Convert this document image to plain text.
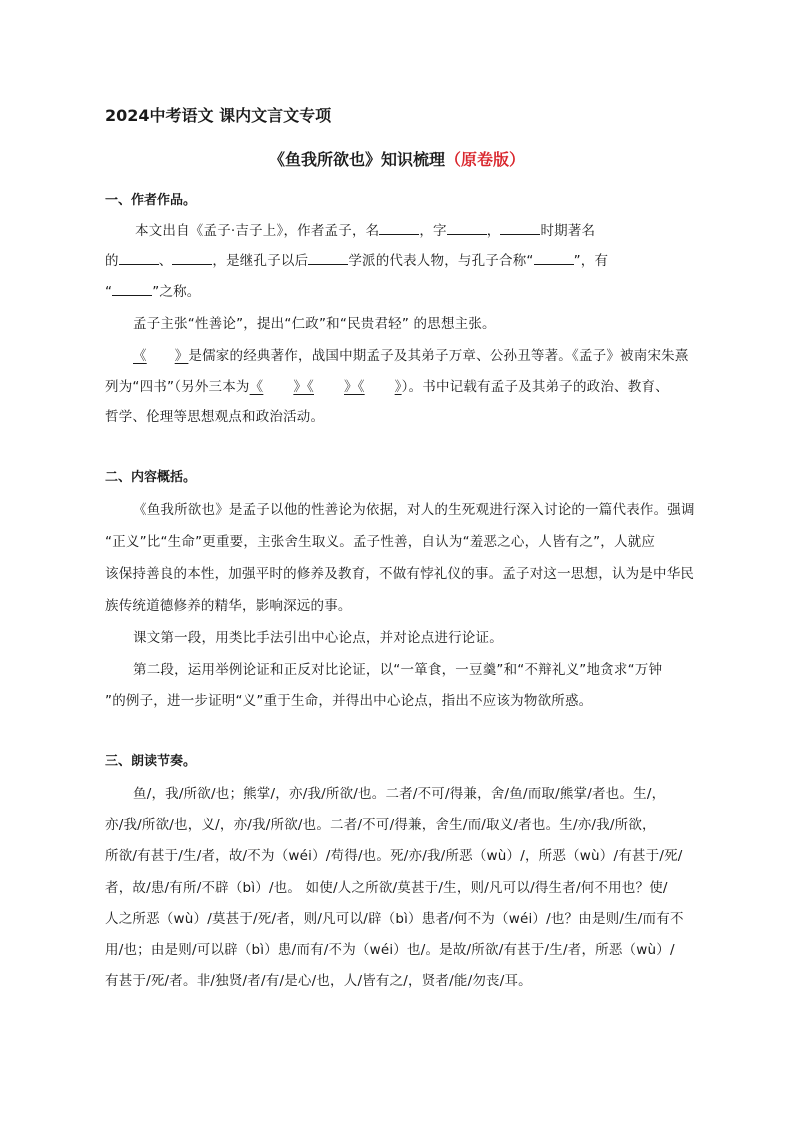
2024中考语文 课内文言文专项
《鱼我所欲也》知识梳理（原卷版）
一、作者作品。
本文出自《孟子·吉子上》，作者孟子，名	，字	，	时期著名
的	、	，是继孔子以后	学派的代表人物，与孔子合称“	”，有
“	”之称。
孟子主张“性善论”，提出“仁政”和“民贵君轻” 的思想主张。
《 》是儒家的经典著作，战国中期孟子及其弟子万章、公孙丑等著。《孟子》被南宋朱熹
列为“四书”（另外三本为《 》《 》《 》）。书中记载有孟子及其弟子的政治、教育、
哲学、伦理等思想观点和政治活动。
二、内容概括。
《鱼我所欲也》是孟子以他的性善论为依据，对人的生死观进行深入讨论的一篇代表作。强调
“正义”比“生命”更重要，主张舍生取义。孟子性善，自认为“羞恶之心，人皆有之”，人就应
该保持善良的本性，加强平时的修养及教育，不做有悖礼仪的事。孟子对这一思想，认为是中华民
族传统道德修养的精华，影响深远的事。
课文第一段，用类比手法引出中心论点，并对论点进行论证。
第二段，运用举例论证和正反对比论证，以“一箪食，一豆羹”和“不辩礼义”地贪求“万钟
”的例子，进一步证明“义”重于生命，并得出中心论点，指出不应该为物欲所惑。
三、朗读节奏。
鱼/，我/所欲/也；熊掌/，亦/我/所欲/也。二者/不可/得兼，舍/鱼/而取/熊掌/者也。生/，
亦/我/所欲/也，义/，亦/我/所欲/也。二者/不可/得兼，舍生/而/取义/者也。生/亦/我/所欲，
所欲/有甚于/生/者，故/不为（wéi）/苟得/也。死/亦/我/所恶（wù）/，所恶（wù）/有甚于/死/
者，故/患/有所/不辟（bì）/也。 如使/人之所欲/莫甚于/生，则/凡可以/得生者/何不用也？使/
人之所恶（wù）/莫甚于/死/者，则/凡可以/辟（bì）患者/何不为（wéi）/也？由是则/生/而有不
用/也；由是则/可以辟（bì）患/而有/不为（wéi）也/。是故/所欲/有甚于/生/者，所恶（wù）/
有甚于/死/者。非/独贤/者/有/是心/也，人/皆有之/，贤者/能/勿丧/耳。
